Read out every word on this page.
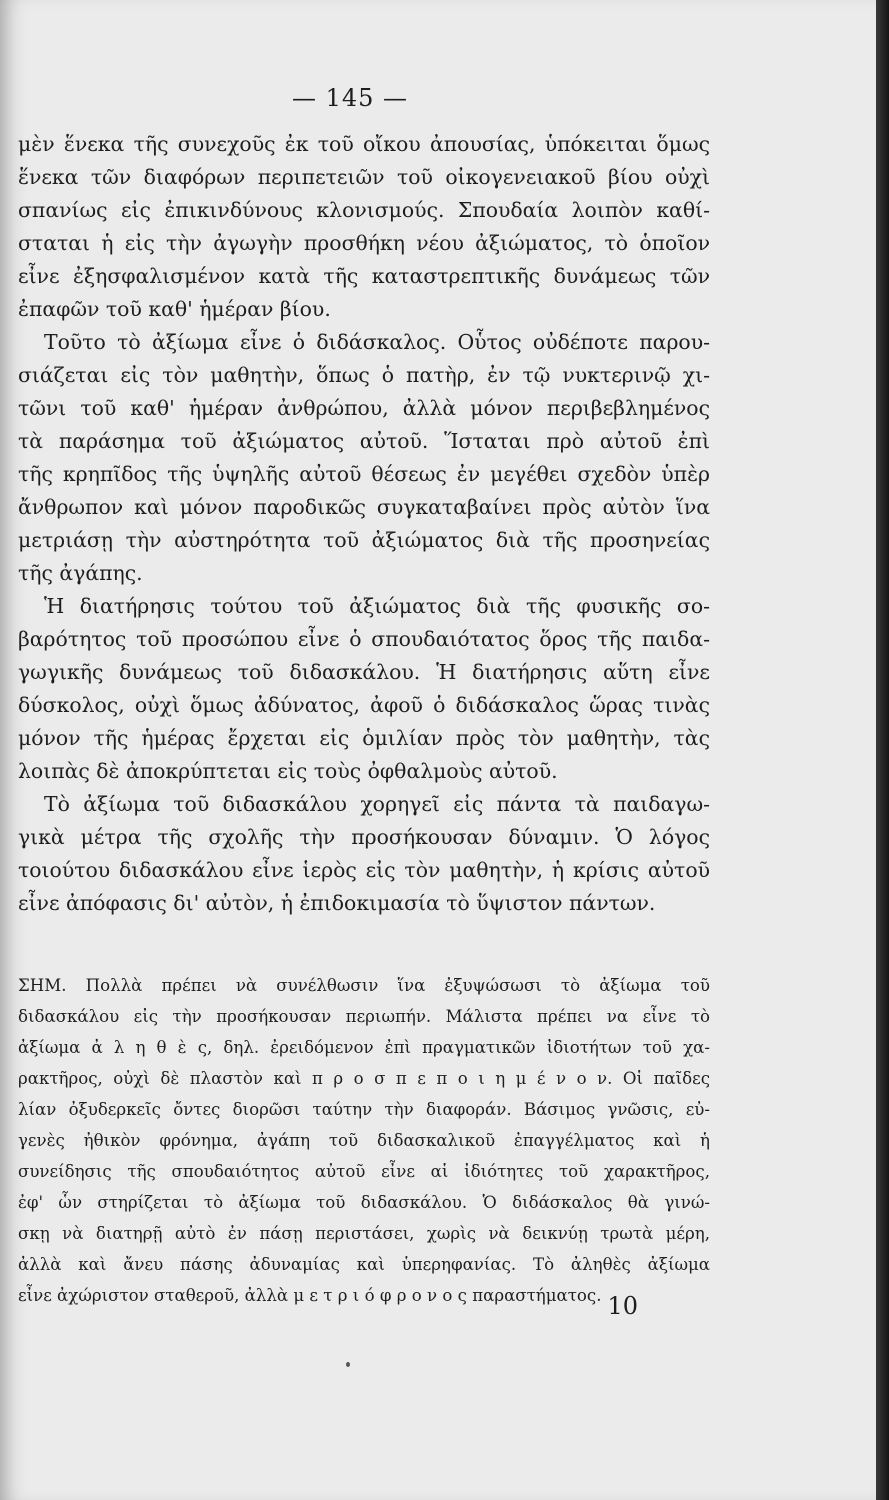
— 145 —
μὲν ἕνεκα τῆς συνεχοῦς ἐκ τοῦ οἴκου ἀπουσίας, ὑπόκειται ὅμως
ἕνεκα τῶν διαφόρων περιπετειῶν τοῦ οἰκογενειακοῦ βίου οὐχὶ
σπανίως εἰς ἐπικινδύνους κλονισμούς. Σπουδαία λοιπὸν καθί-
σταται ἡ εἰς τὴν ἀγωγὴν προσθήκη νέου ἀξιώματος, τὸ ὁποῖον
εἶνε ἐξησφαλισμένον κατὰ τῆς καταστρεπτικῆς δυνάμεως τῶν
ἐπαφῶν τοῦ καθ' ἡμέραν βίου.
Τοῦτο τὸ ἀξίωμα εἶνε ὁ διδάσκαλος. Οὗτος οὐδέποτε παρου-
σιάζεται εἰς τὸν μαθητὴν, ὅπως ὁ πατὴρ, ἐν τῷ νυκτερινῷ χι-
τῶνι τοῦ καθ' ἡμέραν ἀνθρώπου, ἀλλὰ μόνον περιβεβλημένος
τὰ παράσημα τοῦ ἀξιώματος αὐτοῦ. Ἵσταται πρὸ αὐτοῦ ἐπὶ
τῆς κρηπῖδος τῆς ὑψηλῆς αὐτοῦ θέσεως ἐν μεγέθει σχεδὸν ὑπὲρ
ἄνθρωπον καὶ μόνον παροδικῶς συγκαταβαίνει πρὸς αὐτὸν ἵνα
μετριάσῃ τὴν αὐστηρότητα τοῦ ἀξιώματος διὰ τῆς προσηνείας
τῆς ἀγάπης.
Ἡ διατήρησις τούτου τοῦ ἀξιώματος διὰ τῆς φυσικῆς σο-
βαρότητος τοῦ προσώπου εἶνε ὁ σπουδαιότατος ὅρος τῆς παιδα-
γωγικῆς δυνάμεως τοῦ διδασκάλου. Ἡ διατήρησις αὕτη εἶνε
δύσκολος, οὐχὶ ὅμως ἀδύνατος, ἀφοῦ ὁ διδάσκαλος ὥρας τινὰς
μόνον τῆς ἡμέρας ἔρχεται εἰς ὁμιλίαν πρὸς τὸν μαθητὴν, τὰς
λοιπὰς δὲ ἀποκρύπτεται εἰς τοὺς ὀφθαλμοὺς αὐτοῦ.
Τὸ ἀξίωμα τοῦ διδασκάλου χορηγεῖ εἰς πάντα τὰ παιδαγω-
γικὰ μέτρα τῆς σχολῆς τὴν προσήκουσαν δύναμιν. Ὁ λόγος
τοιούτου διδασκάλου εἶνε ἱερὸς εἰς τὸν μαθητὴν, ἡ κρίσις αὐτοῦ
εἶνε ἀπόφασις δι' αὐτὸν, ἡ ἐπιδοκιμασία τὸ ὕψιστον πάντων.
ΣΗΜ. Πολλὰ πρέπει νὰ συνέλθωσιν ἵνα ἐξυψώσωσι τὸ ἀξίωμα τοῦ
διδασκάλου εἰς τὴν προσήκουσαν περιωπήν. Μάλιστα πρέπει να εἶνε τὸ
ἀξίωμα ἀ λ η θ ὲ ς, δηλ. ἐρειδόμενον ἐπὶ πραγματικῶν ἰδιοτήτων τοῦ χα-
ρακτῆρος, οὐχὶ δὲ πλαστὸν καὶ π ρ ο σ π ε π ο ι η μ έ ν ο ν. Οἱ παῖδες
λίαν ὀξυδερκεῖς ὄντες διορῶσι ταύτην τὴν διαφοράν. Βάσιμος γνῶσις, εὐ-
γενὲς ἠθικὸν φρόνημα, ἀγάπη τοῦ διδασκαλικοῦ ἐπαγγέλματος καὶ ἡ
συνείδησις τῆς σπουδαιότητος αὐτοῦ εἶνε αἱ ἰδιότητες τοῦ χαρακτῆρος,
ἐφ' ὧν στηρίζεται τὸ ἀξίωμα τοῦ διδασκάλου. Ὁ διδάσκαλος θὰ γινώ-
σκῃ νὰ διατηρῇ αὐτὸ ἐν πάσῃ περιστάσει, χωρὶς νὰ δεικνύῃ τρωτὰ μέρη,
ἀλλὰ καὶ ἄνευ πάσης ἀδυναμίας καὶ ὑπερηφανίας. Τὸ ἀληθὲς ἀξίωμα
εἶνε ἀχώριστον σταθεροῦ, ἀλλὰ μ ε τ ρ ι ό φ ρ ο ν ο ς παραστήματος. 10
